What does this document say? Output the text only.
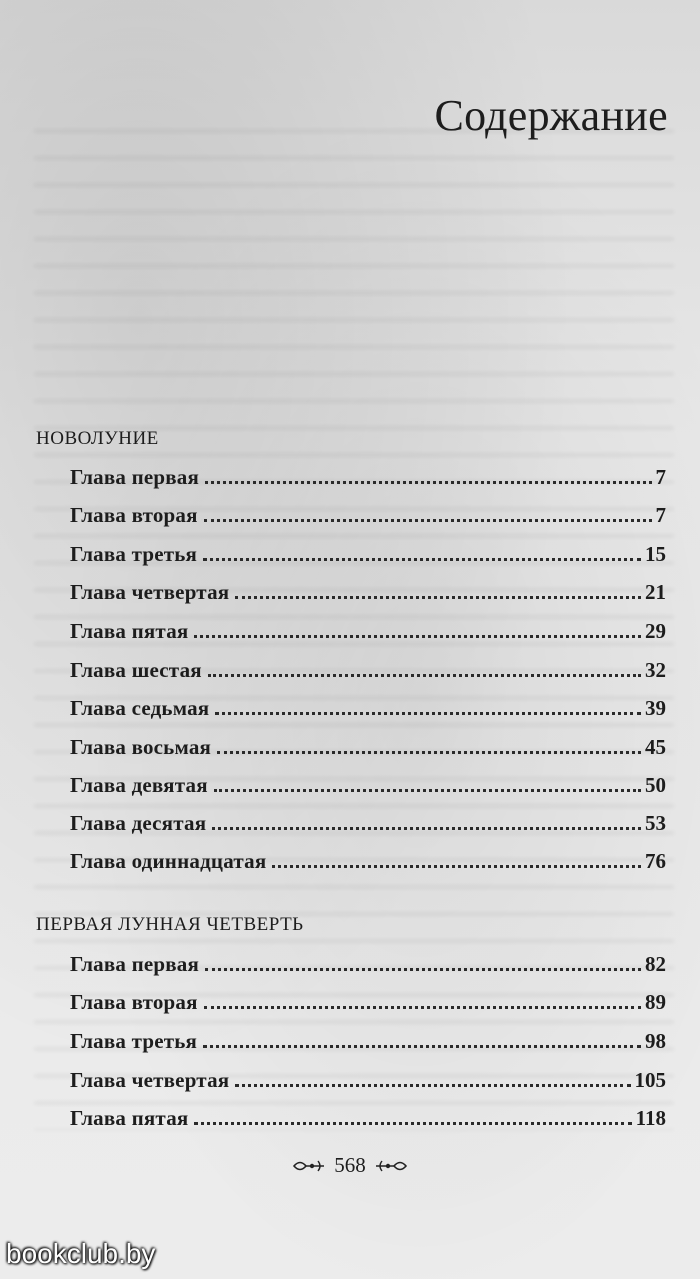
Содержание
НОВОЛУНИЕ
Глава первая	7
Глава вторая	7
Глава третья	15
Глава четвертая	21
Глава пятая	29
Глава шестая	32
Глава седьмая	39
Глава восьмая	45
Глава девятая	50
Глава десятая	53
Глава одиннадцатая	76
ПЕРВАЯ ЛУННАЯ ЧЕТВЕРТЬ
Глава первая	82
Глава вторая	89
Глава третья	98
Глава четвертая	105
Глава пятая	118
568
bookclub.by
